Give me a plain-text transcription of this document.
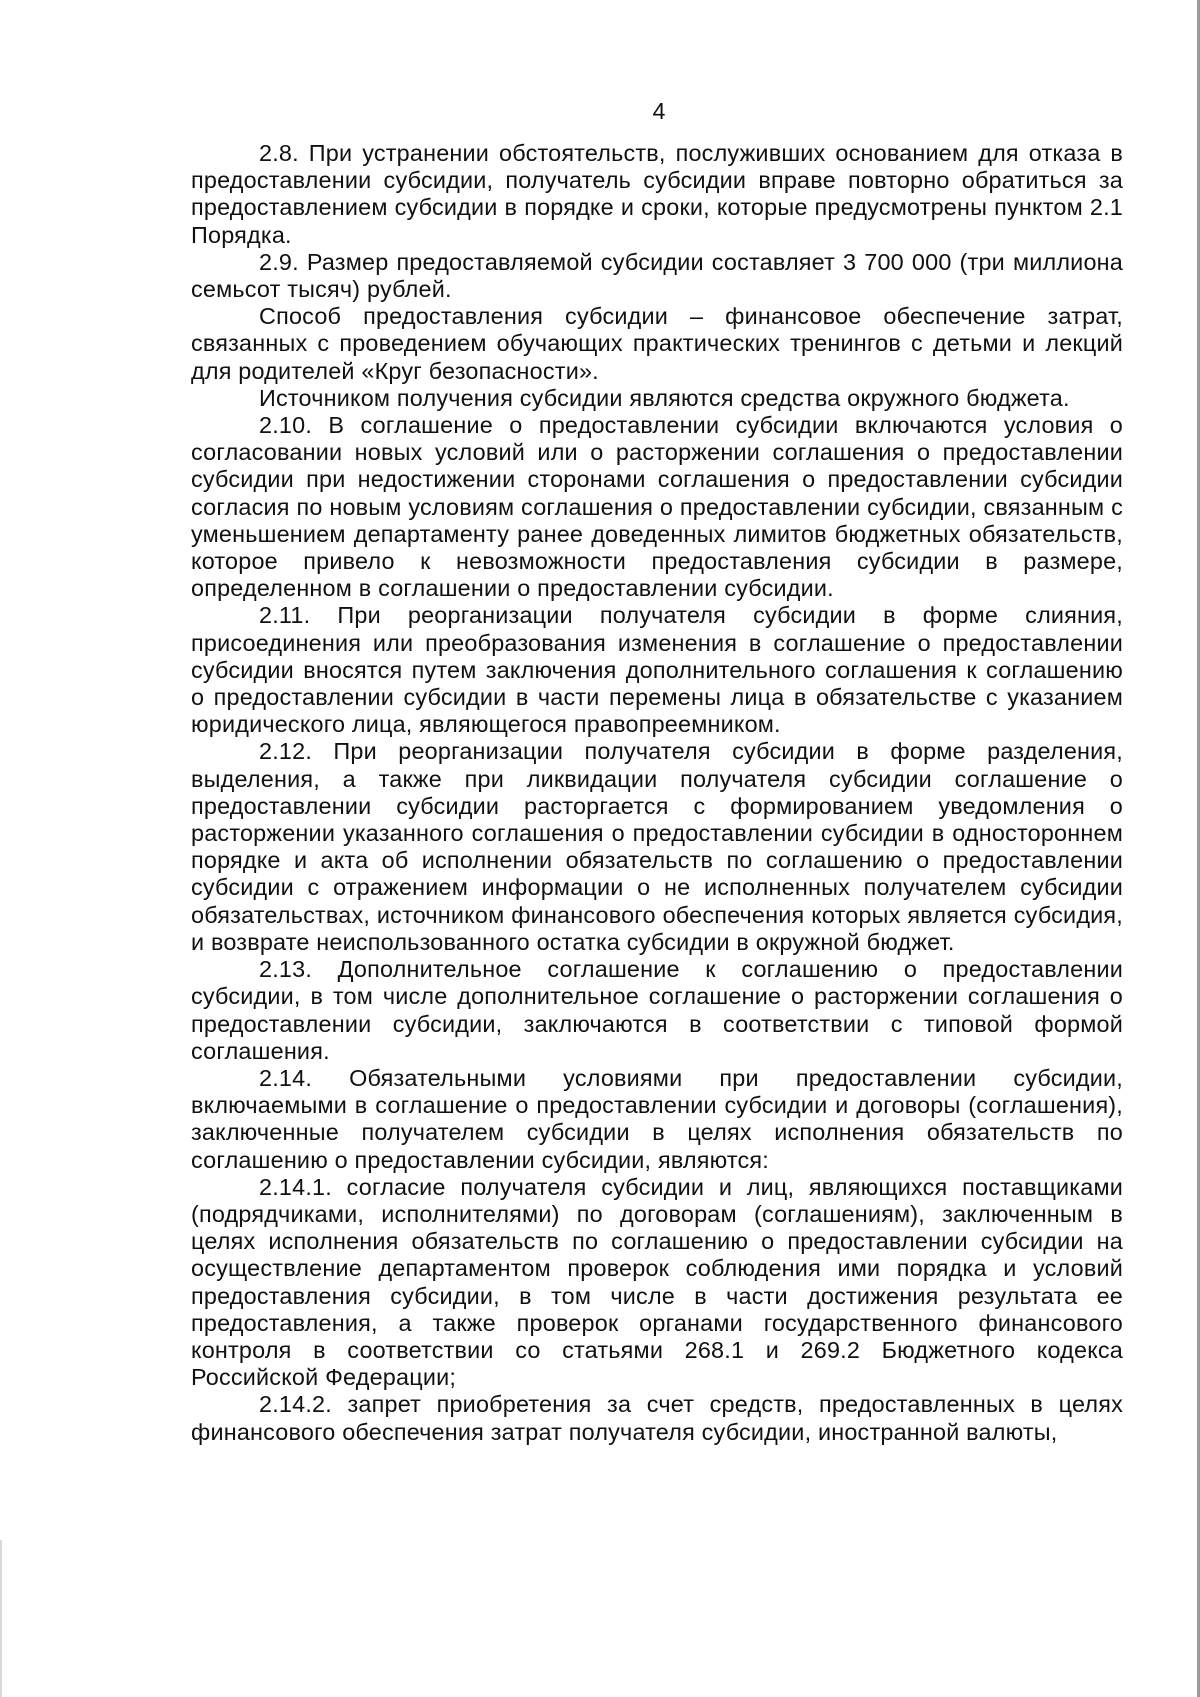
4

2.8. При устранении обстоятельств, послуживших основанием для отказа в предоставлении субсидии, получатель субсидии вправе повторно обратиться за предоставлением субсидии в порядке и сроки, которые предусмотрены пунктом 2.1 Порядка.

2.9. Размер предоставляемой субсидии составляет 3 700 000 (три миллиона семьсот тысяч) рублей.

Способ предоставления субсидии – финансовое обеспечение затрат, связанных с проведением обучающих практических тренингов с детьми и лекций для родителей «Круг безопасности».

Источником получения субсидии являются средства окружного бюджета.

2.10. В соглашение о предоставлении субсидии включаются условия о согласовании новых условий или о расторжении соглашения о предоставлении субсидии при недостижении сторонами соглашения о предоставлении субсидии согласия по новым условиям соглашения о предоставлении субсидии, связанным с уменьшением департаменту ранее доведенных лимитов бюджетных обязательств, которое привело к невозможности предоставления субсидии в размере, определенном в соглашении о предоставлении субсидии.

2.11. При реорганизации получателя субсидии в форме слияния, присоединения или преобразования изменения в соглашение о предоставлении субсидии вносятся путем заключения дополнительного соглашения к соглашению о предоставлении субсидии в части перемены лица в обязательстве с указанием юридического лица, являющегося правопреемником.

2.12. При реорганизации получателя субсидии в форме разделения, выделения, а также при ликвидации получателя субсидии соглашение о предоставлении субсидии расторгается с формированием уведомления о расторжении указанного соглашения о предоставлении субсидии в одностороннем порядке и акта об исполнении обязательств по соглашению о предоставлении субсидии с отражением информации о не исполненных получателем субсидии обязательствах, источником финансового обеспечения которых является субсидия, и возврате неиспользованного остатка субсидии в окружной бюджет.

2.13. Дополнительное соглашение к соглашению о предоставлении субсидии, в том числе дополнительное соглашение о расторжении соглашения о предоставлении субсидии, заключаются в соответствии с типовой формой соглашения.

2.14. Обязательными условиями при предоставлении субсидии, включаемыми в соглашение о предоставлении субсидии и договоры (соглашения), заключенные получателем субсидии в целях исполнения обязательств по соглашению о предоставлении субсидии, являются:

2.14.1. согласие получателя субсидии и лиц, являющихся поставщиками (подрядчиками, исполнителями) по договорам (соглашениям), заключенным в целях исполнения обязательств по соглашению о предоставлении субсидии на осуществление департаментом проверок соблюдения ими порядка и условий предоставления субсидии, в том числе в части достижения результата ее предоставления, а также проверок органами государственного финансового контроля в соответствии со статьями 268.1 и 269.2 Бюджетного кодекса Российской Федерации;

2.14.2. запрет приобретения за счет средств, предоставленных в целях финансового обеспечения затрат получателя субсидии, иностранной валюты,
